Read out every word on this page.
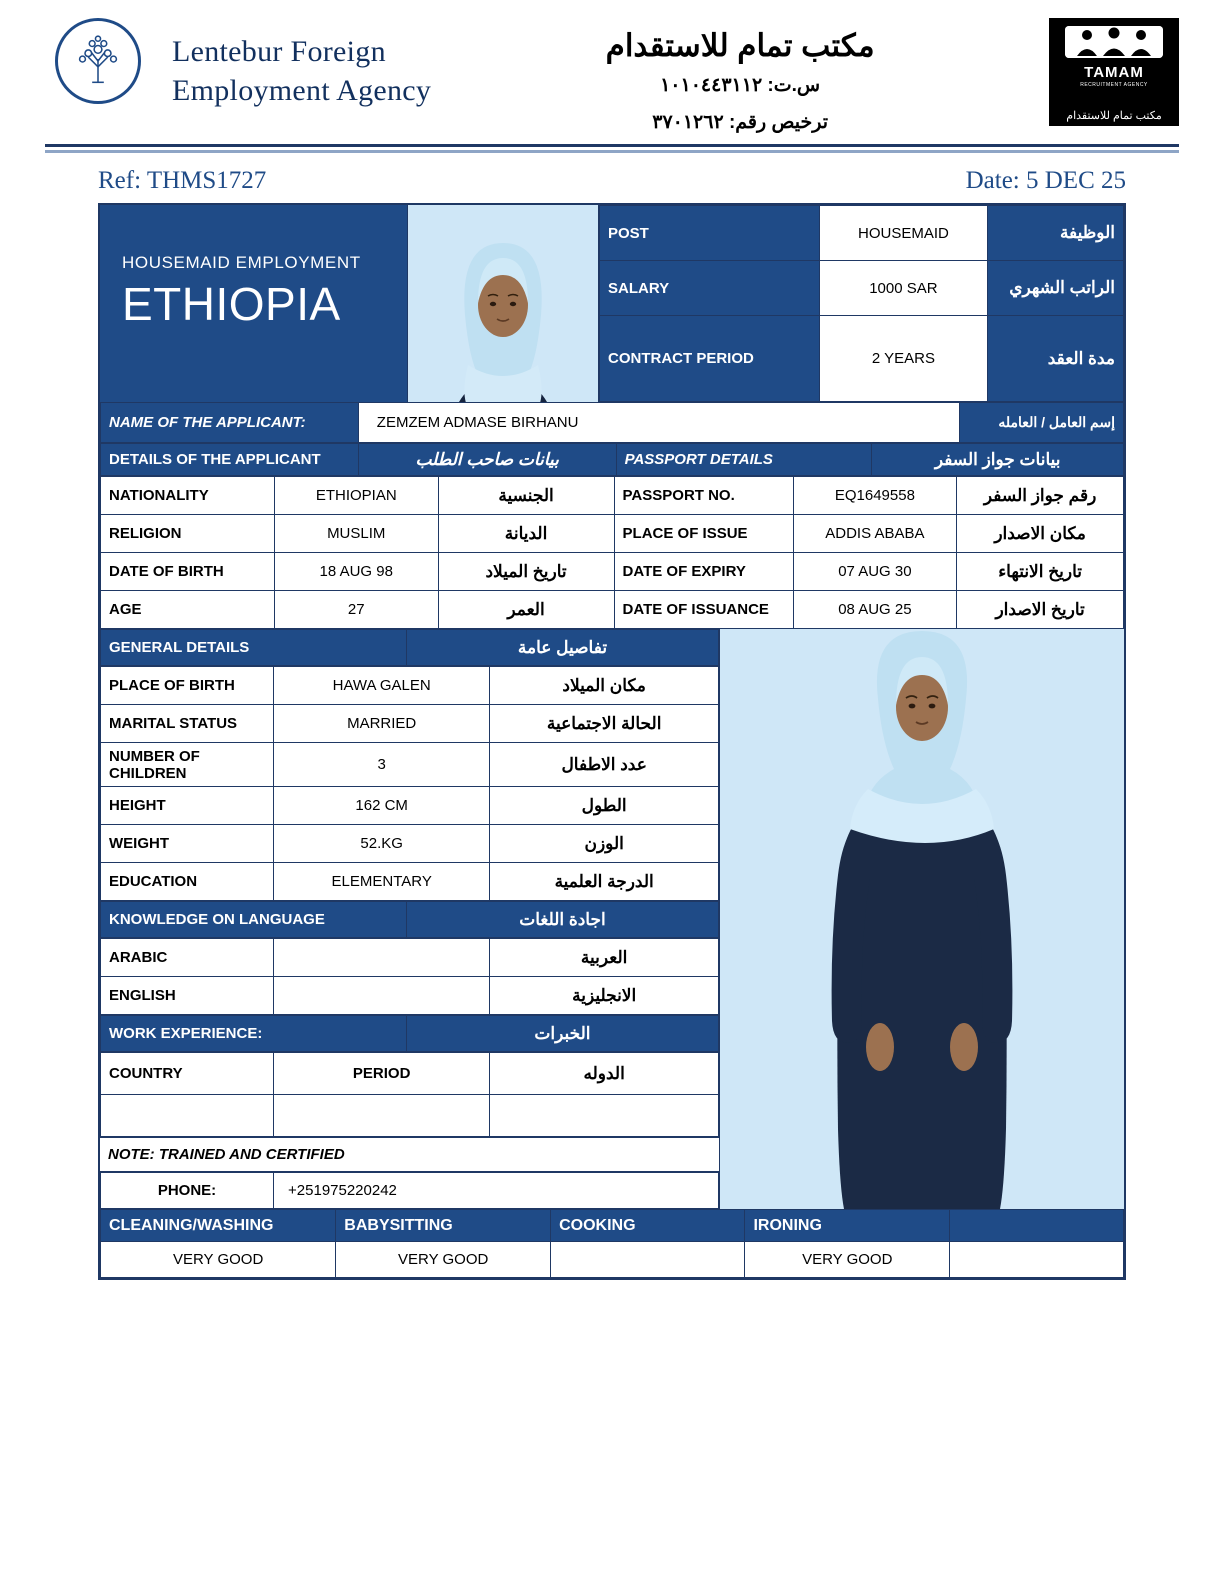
Lentebur Foreign
Employment Agency
مكتب تمام للاستقدام
س.ت: ١٠١٠٤٤٣١١٢
ترخيص رقم: ٣٧٠١٢٦٢
TAMAM
RECRUITMENT AGENCY
مكتب تمام للاستقدام
Ref: THMS1727	Date: 5 DEC 25
HOUSEMAID EMPLOYMENT
ETHIOPIA
POST	HOUSEMAID	الوظيفة
SALARY	1000 SAR	الراتب الشهري
CONTRACT PERIOD	2 YEARS	مدة العقد
NAME OF THE APPLICANT:	ZEMZEM ADMASE BIRHANU	إسم العامل / العامله
DETAILS OF THE APPLICANT	بيانات صاحب الطلب	PASSPORT DETAILS	بيانات جواز السفر
NATIONALITY	ETHIOPIAN	الجنسية	PASSPORT NO.	EQ1649558	رقم جواز السفر
RELIGION	MUSLIM	الديانة	PLACE OF ISSUE	ADDIS ABABA	مكان الاصدار
DATE OF BIRTH	18 AUG 98	تاريخ الميلاد	DATE OF EXPIRY	07 AUG 30	تاريخ الانتهاء
AGE	27	العمر	DATE OF ISSUANCE	08 AUG 25	تاريخ الاصدار
GENERAL DETAILS	تفاصيل عامة
PLACE OF BIRTH	HAWA GALEN	مكان الميلاد
MARITAL STATUS	MARRIED	الحالة الاجتماعية
NUMBER OF CHILDREN	3	عدد الاطفال
HEIGHT	162 CM	الطول
WEIGHT	52.KG	الوزن
EDUCATION	ELEMENTARY	الدرجة العلمية
KNOWLEDGE ON LANGUAGE	اجادة اللغات
ARABIC		العربية
ENGLISH		الانجليزية
WORK EXPERIENCE:	الخبرات
COUNTRY	PERIOD	الدوله

NOTE: TRAINED AND CERTIFIED
PHONE:	+251975220242
CLEANING/WASHING	BABYSITTING	COOKING	IRONING	
VERY GOOD	VERY GOOD		VERY GOOD	
